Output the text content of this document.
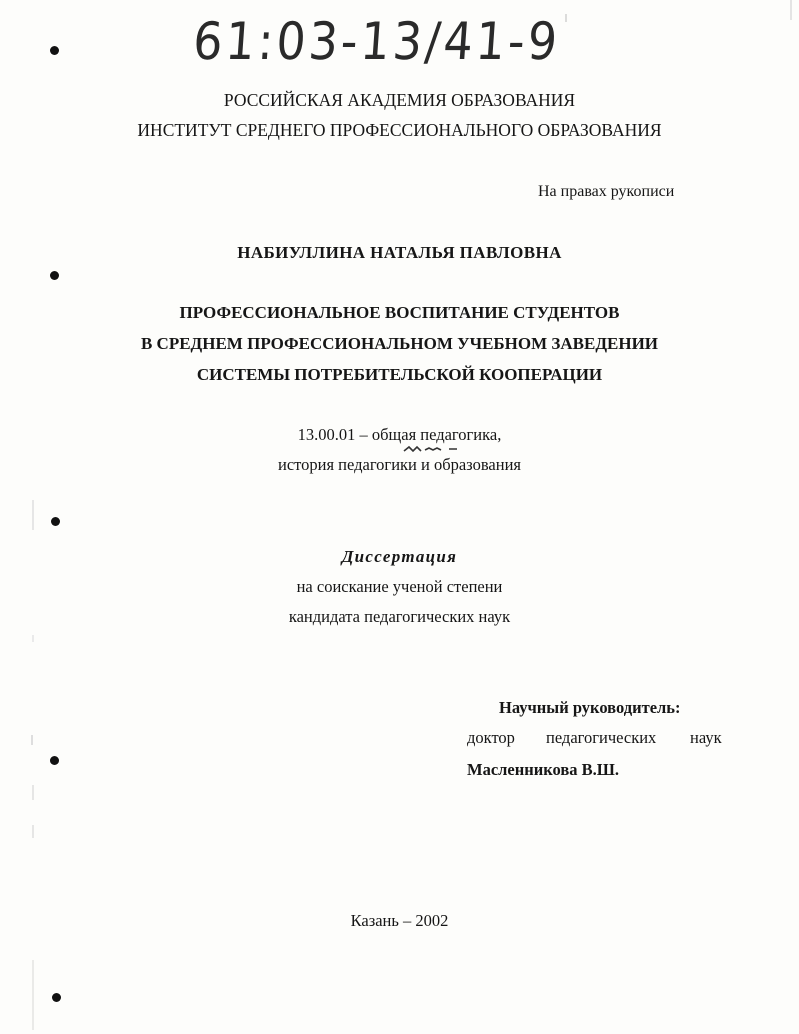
61:03-13/41-9
РОССИЙСКАЯ АКАДЕМИЯ ОБРАЗОВАНИЯ
ИНСТИТУТ СРЕДНЕГО ПРОФЕССИОНАЛЬНОГО ОБРАЗОВАНИЯ
На правах рукописи
НАБИУЛЛИНА НАТАЛЬЯ ПАВЛОВНА
ПРОФЕССИОНАЛЬНОЕ ВОСПИТАНИЕ СТУДЕНТОВ
В СРЕДНЕМ ПРОФЕССИОНАЛЬНОМ УЧЕБНОМ ЗАВЕДЕНИИ
СИСТЕМЫ ПОТРЕБИТЕЛЬСКОЙ КООПЕРАЦИИ
13.00.01 – общая педагогика,
история педагогики и образования
Диссертация
на соискание ученой степени
кандидата педагогических наук
Научный руководитель:
доктор педагогических наук
Масленникова В.Ш.
Казань – 2002
